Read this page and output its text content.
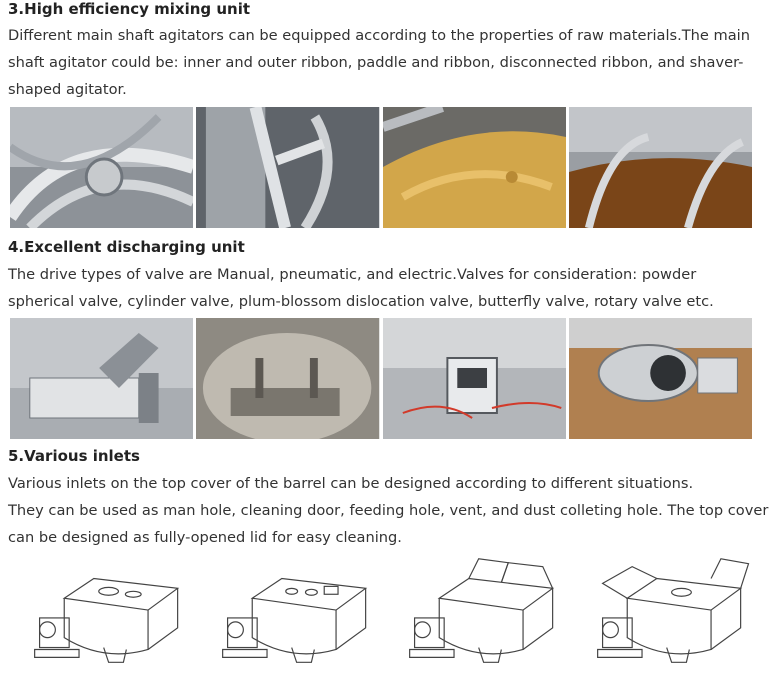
3.High efficiency mixing unit
Different main shaft agitators can be equipped according to the properties of raw materials.The main
shaft agitator could be: inner and outer ribbon, paddle and ribbon, disconnected ribbon, and shaver-
shaped agitator.
4.Excellent discharging unit
The drive types of valve are Manual, pneumatic, and electric.Valves for consideration: powder
spherical valve, cylinder valve, plum-blossom dislocation valve, butterfly valve, rotary valve etc.
5.Various inlets
Various inlets on the top cover of the barrel can be designed according to different situations.
They can be used as man hole, cleaning door, feeding hole, vent, and dust colleting hole. The top cover
can be designed as fully-opened lid for easy cleaning.
